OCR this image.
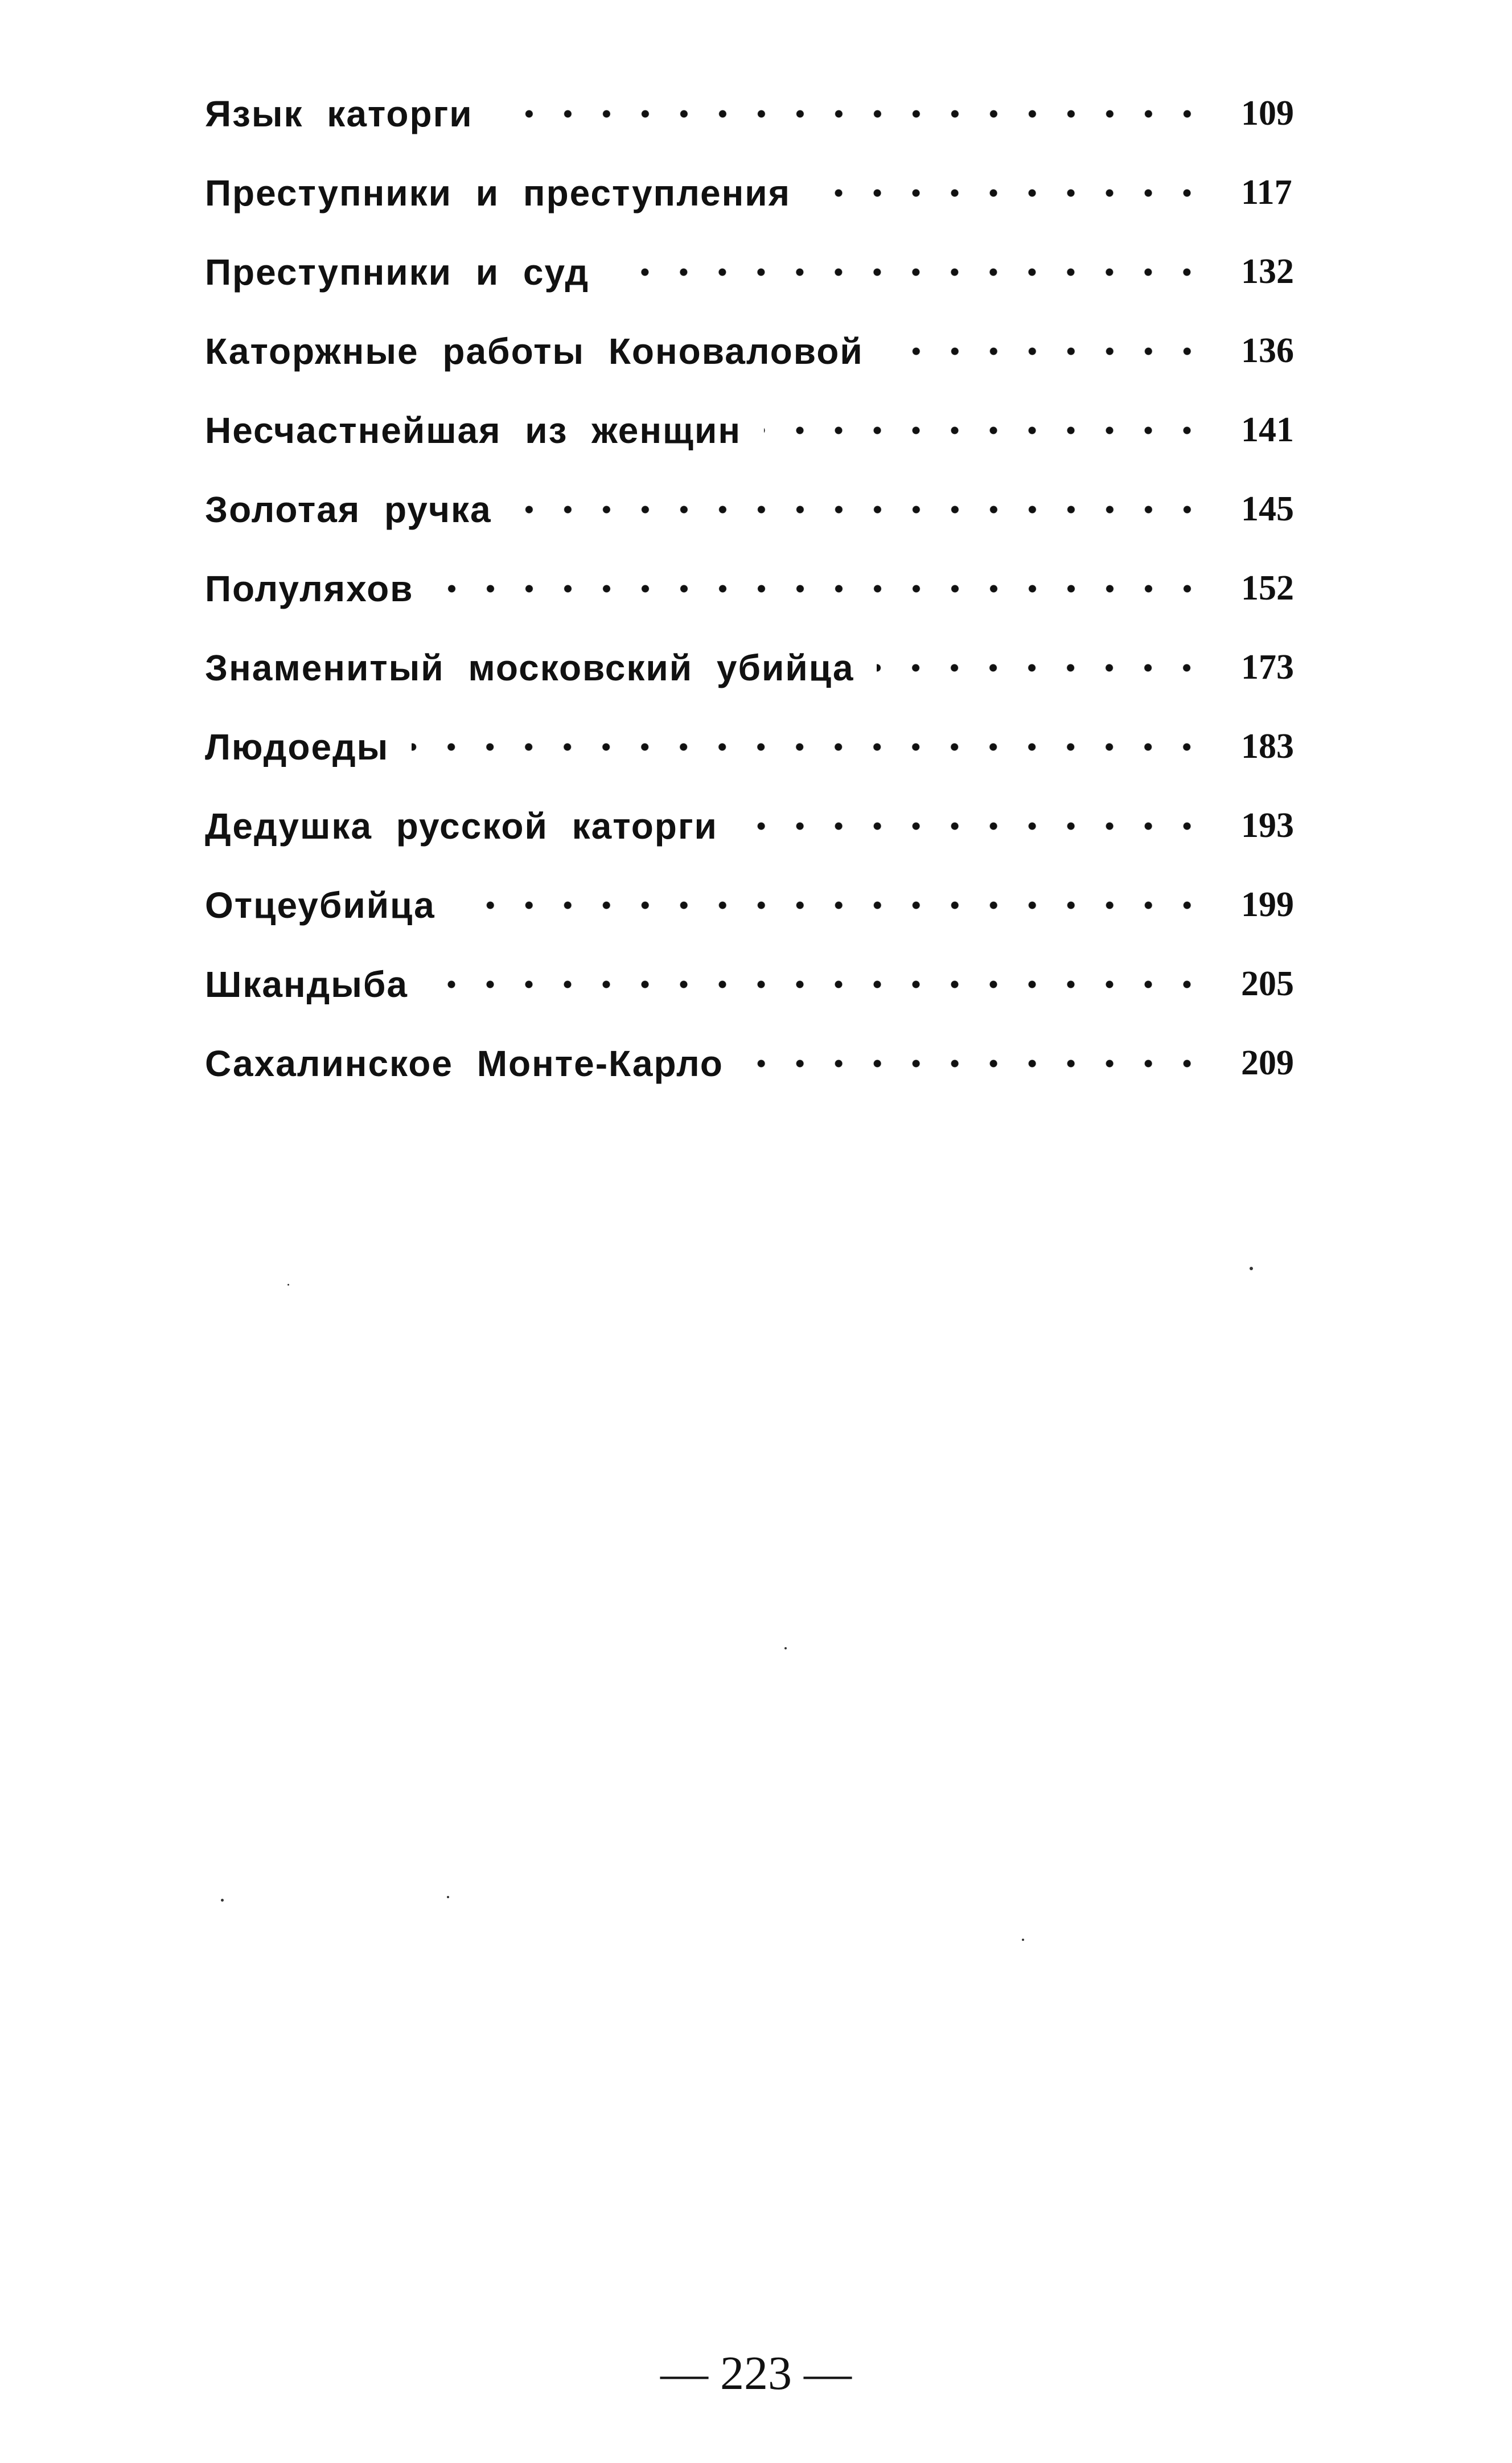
Язык каторги	109
Преступники и преступления	117
Преступники и суд	132
Каторжные работы Коноваловой	136
Несчастнейшая из женщин	141
Золотая ручка	145
Полуляхов	152
Знаменитый московский убийца	173
Людоеды	183
Дедушка русской каторги	193
Отцеубийца	199
Шкандыба	205
Сахалинское Монте-Карло	209
— 223 —
